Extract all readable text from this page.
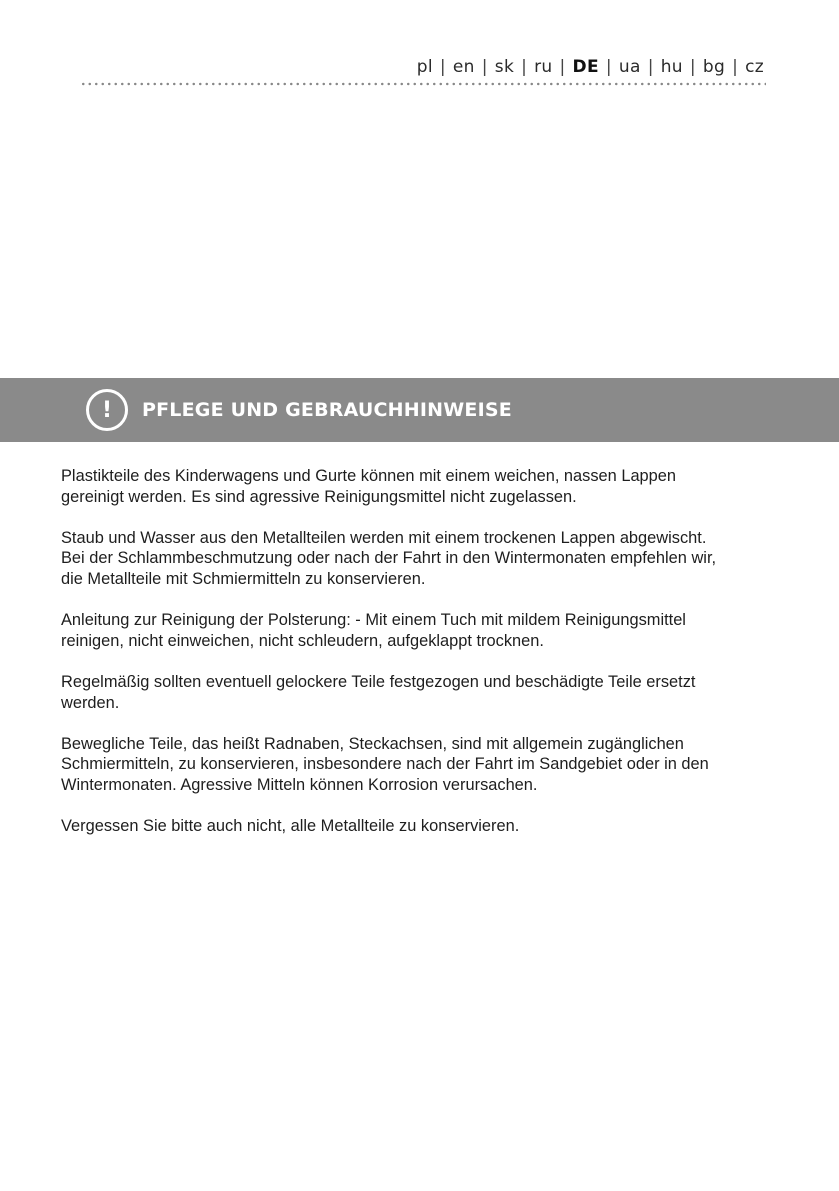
pl | en | sk | ru | DE | ua | hu | bg | cz
!	PFLEGE UND GEBRAUCHHINWEISE

Plastikteile des Kinderwagens und Gurte können mit einem weichen, nassen Lappen
gereinigt werden. Es sind agressive Reinigungsmittel nicht zugelassen.

Staub und Wasser aus den Metallteilen werden mit einem trockenen Lappen abgewischt.
Bei der Schlammbeschmutzung oder nach der Fahrt in den Wintermonaten empfehlen wir,
die Metallteile mit Schmiermitteln zu konservieren.

Anleitung zur Reinigung der Polsterung: - Mit einem Tuch mit mildem Reinigungsmittel
reinigen, nicht einweichen, nicht schleudern, aufgeklappt trocknen.

Regelmäßig sollten eventuell gelockere Teile festgezogen und beschädigte Teile ersetzt
werden.

Bewegliche Teile, das heißt Radnaben, Steckachsen, sind mit allgemein zugänglichen
Schmiermitteln, zu konservieren, insbesondere nach der Fahrt im Sandgebiet oder in den
Wintermonaten. Agressive Mitteln können Korrosion verursachen.

Vergessen Sie bitte auch nicht, alle Metallteile zu konservieren.
